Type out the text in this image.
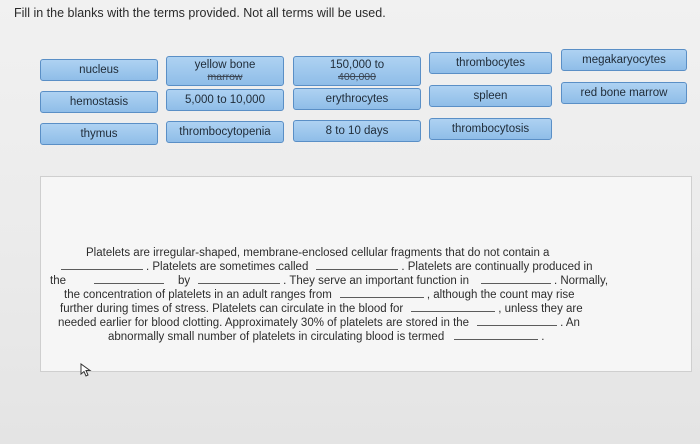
Fill in the blanks with the terms provided. Not all terms will be used.
nucleus	yellow bone
marrow
150,000 to
400,000
thrombocytes	megakaryocytes
hemostasis	5,000 to 10,000	erythrocytes	spleen	red bone marrow
thymus	thrombocytopenia	8 to 10 days	thrombocytosis
Platelets are irregular-shaped, membrane-enclosed cellular fragments that do not contain a
. Platelets are sometimes called	. Platelets are continually produced in
the	by	. They serve an important function in	. Normally,
the concentration of platelets in an adult ranges from	, although the count may rise
further during times of stress. Platelets can circulate in the blood for	, unless they are
needed earlier for blood clotting. Approximately 30% of platelets are stored in the	. An
abnormally small number of platelets in circulating blood is termed	.
